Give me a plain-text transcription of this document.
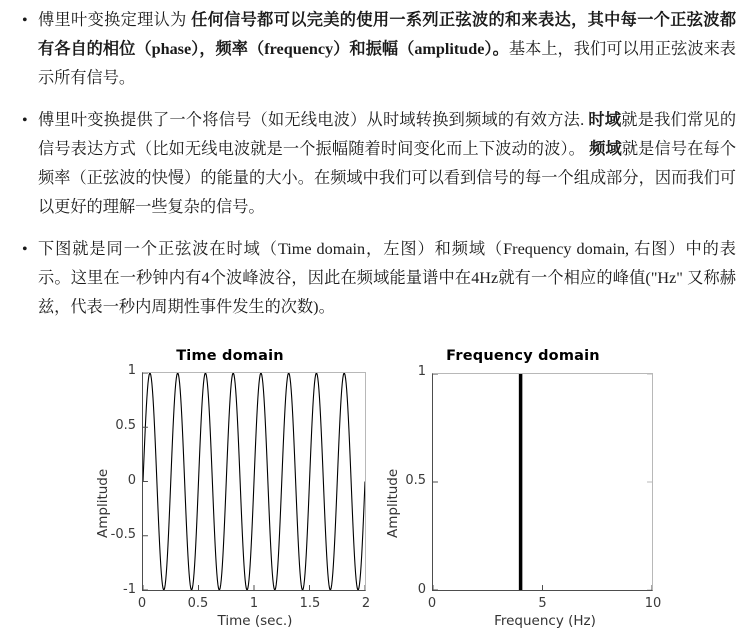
•
傅里叶变换定理认为 任何信号都可以完美的使用一系列正弦波的和来表达，其中每一个正弦波都有各自的相位（phase），频率（frequency）和振幅（amplitude）。基本上，我们可以用正弦波来表示所有信号。
•
傅里叶变换提供了一个将信号（如无线电波）从时域转换到频域的有效方法. 时域就是我们常见的信号表达方式（比如无线电波就是一个振幅随着时间变化而上下波动的波）。 频域就是信号在每个频率（正弦波的快慢）的能量的大小。在频域中我们可以看到信号的每一个组成部分，因而我们可以更好的理解一些复杂的信号。
•
下图就是同一个正弦波在时域（Time domain，左图）和频域（Frequency domain, 右图）中的表示。这里在一秒钟内有4个波峰波谷，因此在频域能量谱中在4Hz就有一个相应的峰值("Hz" 又称赫兹，代表一秒内周期性事件发生的次数)。
Time domain
Amplitude
Time (sec.)
1
0.5
0
-0.5
-1
0	0.5	1	1.5	2
Frequency domain
Amplitude
Frequency (Hz)
1
0.5
0
0	5	10
